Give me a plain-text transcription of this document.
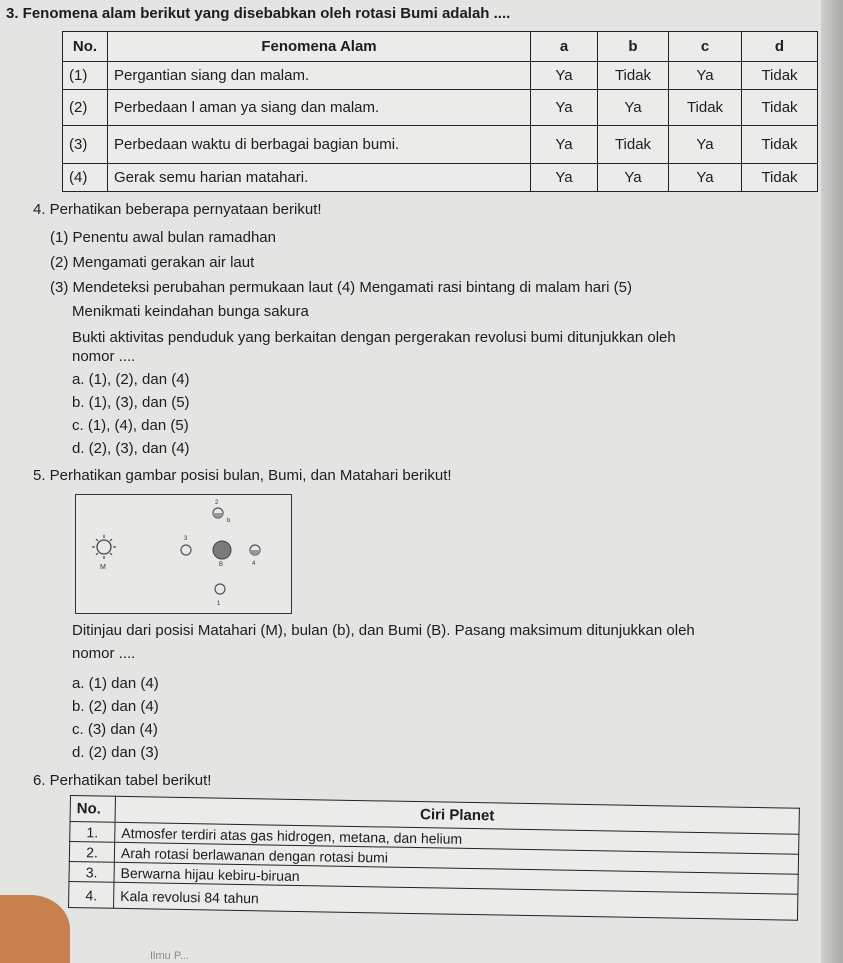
3. Fenomena alam berikut yang disebabkan oleh rotasi Bumi adalah ....
No.	Fenomena Alam	a	b	c	d
(1)	Pergantian siang dan malam.	Ya	Tidak	Ya	Tidak
(2)	Perbedaan l aman ya siang dan malam.	Ya	Ya	Tidak	Tidak
(3)	Perbedaan waktu di berbagai bagian bumi.	Ya	Tidak	Ya	Tidak
(4)	Gerak semu harian matahari.	Ya	Ya	Ya	Tidak
4. Perhatikan beberapa pernyataan berikut!
(1) Penentu awal bulan ramadhan
(2) Mengamati gerakan air laut
(3) Mendeteksi perubahan permukaan laut (4) Mengamati rasi bintang di malam hari (5)
Menikmati keindahan bunga sakura
Bukti aktivitas penduduk yang berkaitan dengan pergerakan revolusi bumi ditunjukkan oleh
nomor ....
a. (1), (2), dan (4)
b. (1), (3), dan (5)
c. (1), (4), dan (5)
d. (2), (3), dan (4)
5. Perhatikan gambar posisi bulan, Bumi, dan Matahari berikut!
M	B
2
b
3
4
1
Ditinjau dari posisi Matahari (M), bulan (b), dan Bumi (B). Pasang maksimum ditunjukkan oleh
nomor ....
a. (1) dan (4)
b. (2) dan (4)
c. (3) dan (4)
d. (2) dan (3)
6. Perhatikan tabel berikut!
No.	Ciri Planet
1.	Atmosfer terdiri atas gas hidrogen, metana, dan helium
2.	Arah rotasi berlawanan dengan rotasi bumi
3.	Berwarna hijau kebiru-biruan
4.	Kala revolusi 84 tahun
Ilmu P...
